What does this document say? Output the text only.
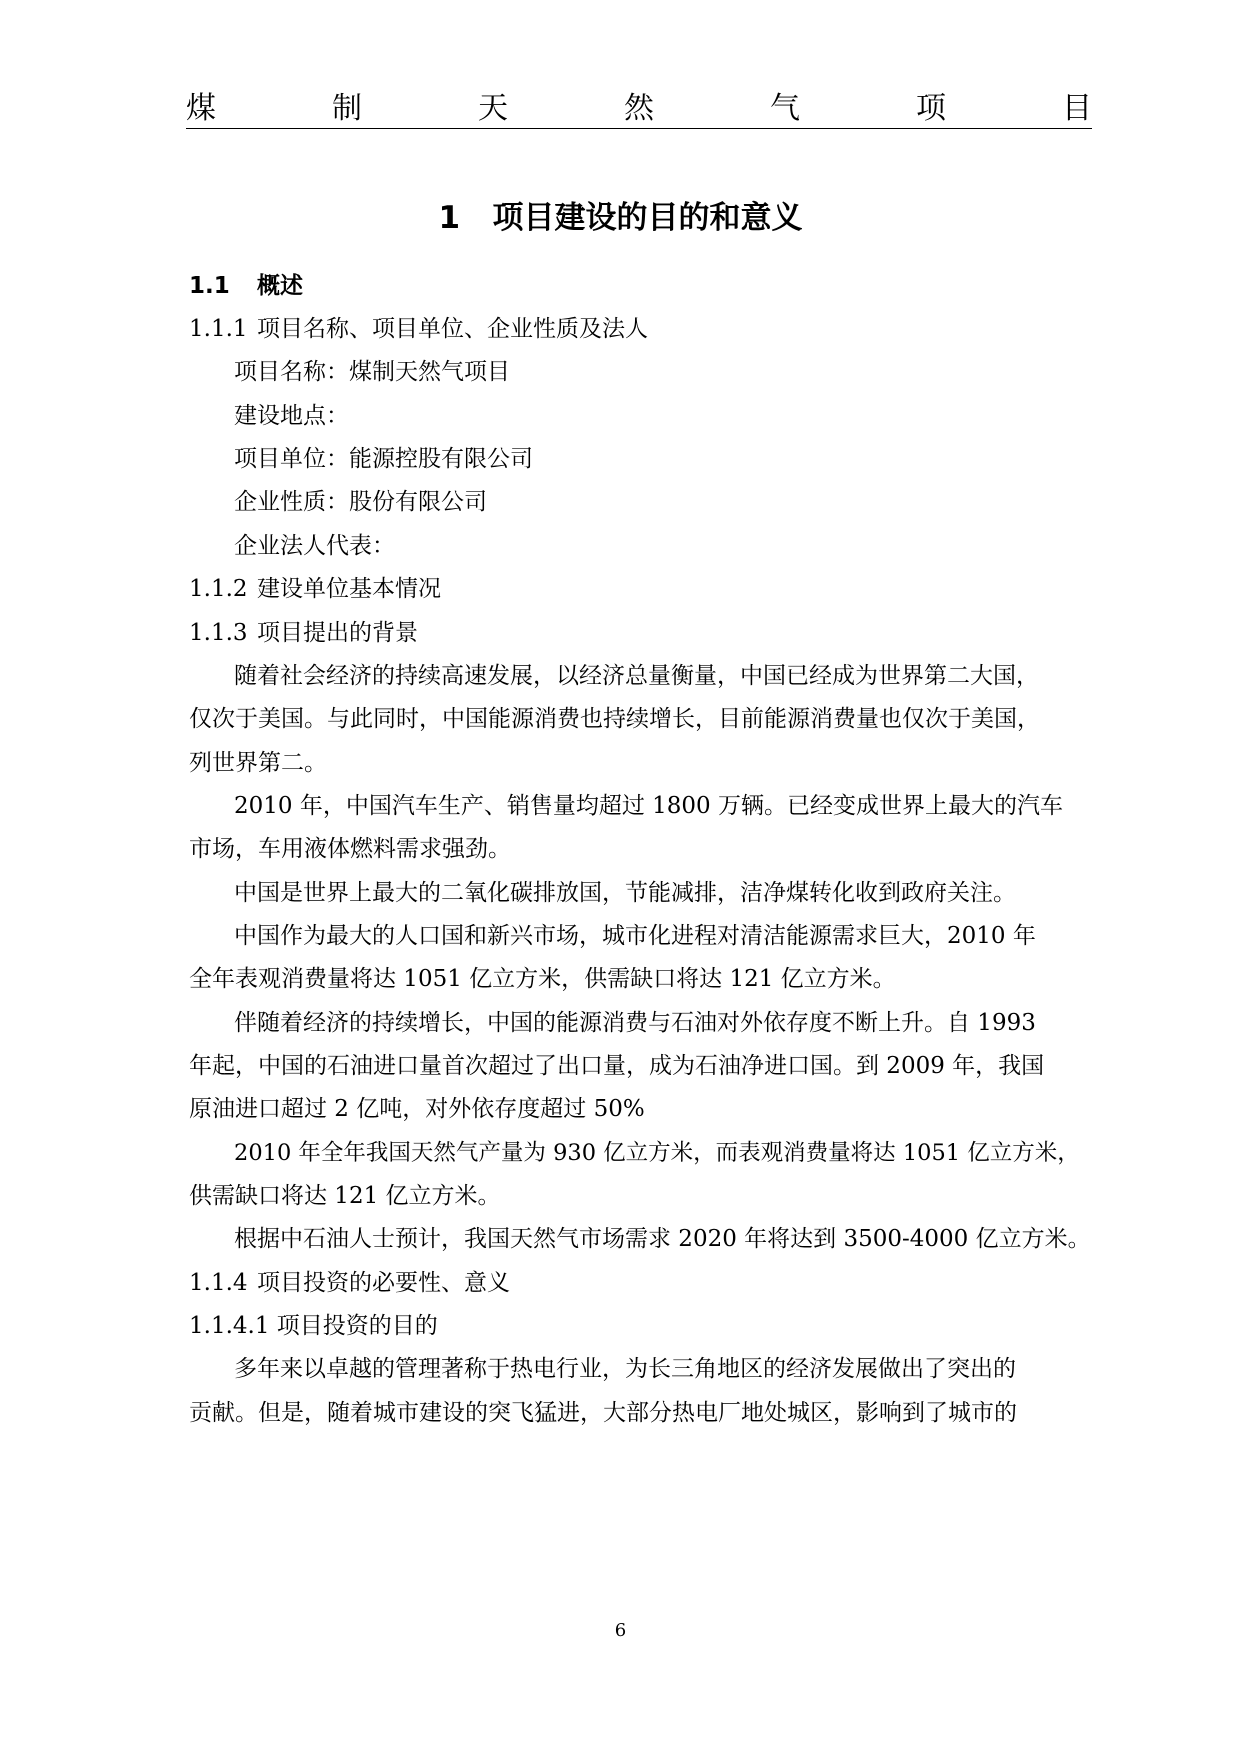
煤	制	天	然	气	项	目
1   项目建设的目的和意义
1.1 概述
1.1.1 项目名称、项目单位、企业性质及法人
项目名称：煤制天然气项目
建设地点：
项目单位：能源控股有限公司
企业性质：股份有限公司
企业法人代表：
1.1.2 建设单位基本情况
1.1.3 项目提出的背景
随着社会经济的持续高速发展，以经济总量衡量，中国已经成为世界第二大国，
仅次于美国。与此同时，中国能源消费也持续增长，目前能源消费量也仅次于美国，
列世界第二。
2010 年，中国汽车生产、销售量均超过 1800 万辆。已经变成世界上最大的汽车
市场，车用液体燃料需求强劲。
中国是世界上最大的二氧化碳排放国，节能减排，洁净煤转化收到政府关注。
中国作为最大的人口国和新兴市场，城市化进程对清洁能源需求巨大，2010 年
全年表观消费量将达 1051 亿立方米，供需缺口将达 121 亿立方米。
伴随着经济的持续增长，中国的能源消费与石油对外依存度不断上升。自 1993
年起，中国的石油进口量首次超过了出口量，成为石油净进口国。到 2009 年，我国
原油进口超过 2 亿吨，对外依存度超过 50%
2010 年全年我国天然气产量为 930 亿立方米，而表观消费量将达 1051 亿立方米，
供需缺口将达 121 亿立方米。
根据中石油人士预计，我国天然气市场需求 2020 年将达到 3500-4000 亿立方米。
1.1.4 项目投资的必要性、意义
1.1.4.1 项目投资的目的
多年来以卓越的管理著称于热电行业，为长三角地区的经济发展做出了突出的
贡献。但是，随着城市建设的突飞猛进，大部分热电厂地处城区，影响到了城市的
6
